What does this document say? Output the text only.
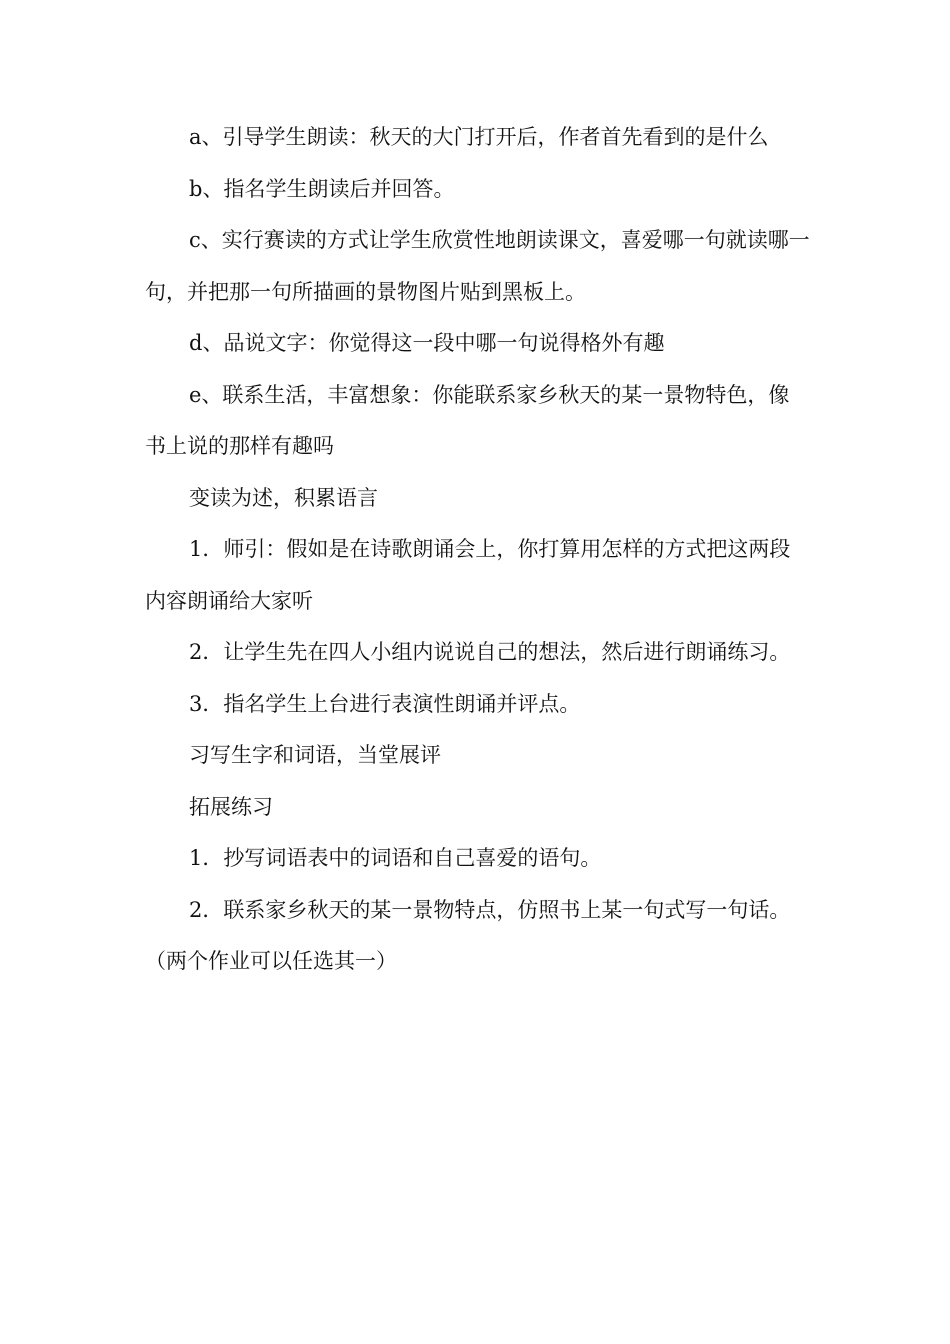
a、引导学生朗读：秋天的大门打开后，作者首先看到的是什么

b、指名学生朗读后并回答。

c、实行赛读的方式让学生欣赏性地朗读课文，喜爱哪一句就读哪一句，并把那一句所描画的景物图片贴到黑板上。

d、品说文字：你觉得这一段中哪一句说得格外有趣

e、联系生活，丰富想象：你能联系家乡秋天的某一景物特色，像书上说的那样有趣吗

变读为述，积累语言

1．师引：假如是在诗歌朗诵会上，你打算用怎样的方式把这两段内容朗诵给大家听

2．让学生先在四人小组内说说自己的想法，然后进行朗诵练习。

3．指名学生上台进行表演性朗诵并评点。

习写生字和词语，当堂展评

拓展练习

1．抄写词语表中的词语和自己喜爱的语句。

2．联系家乡秋天的某一景物特点，仿照书上某一句式写一句话。（两个作业可以任选其一）
